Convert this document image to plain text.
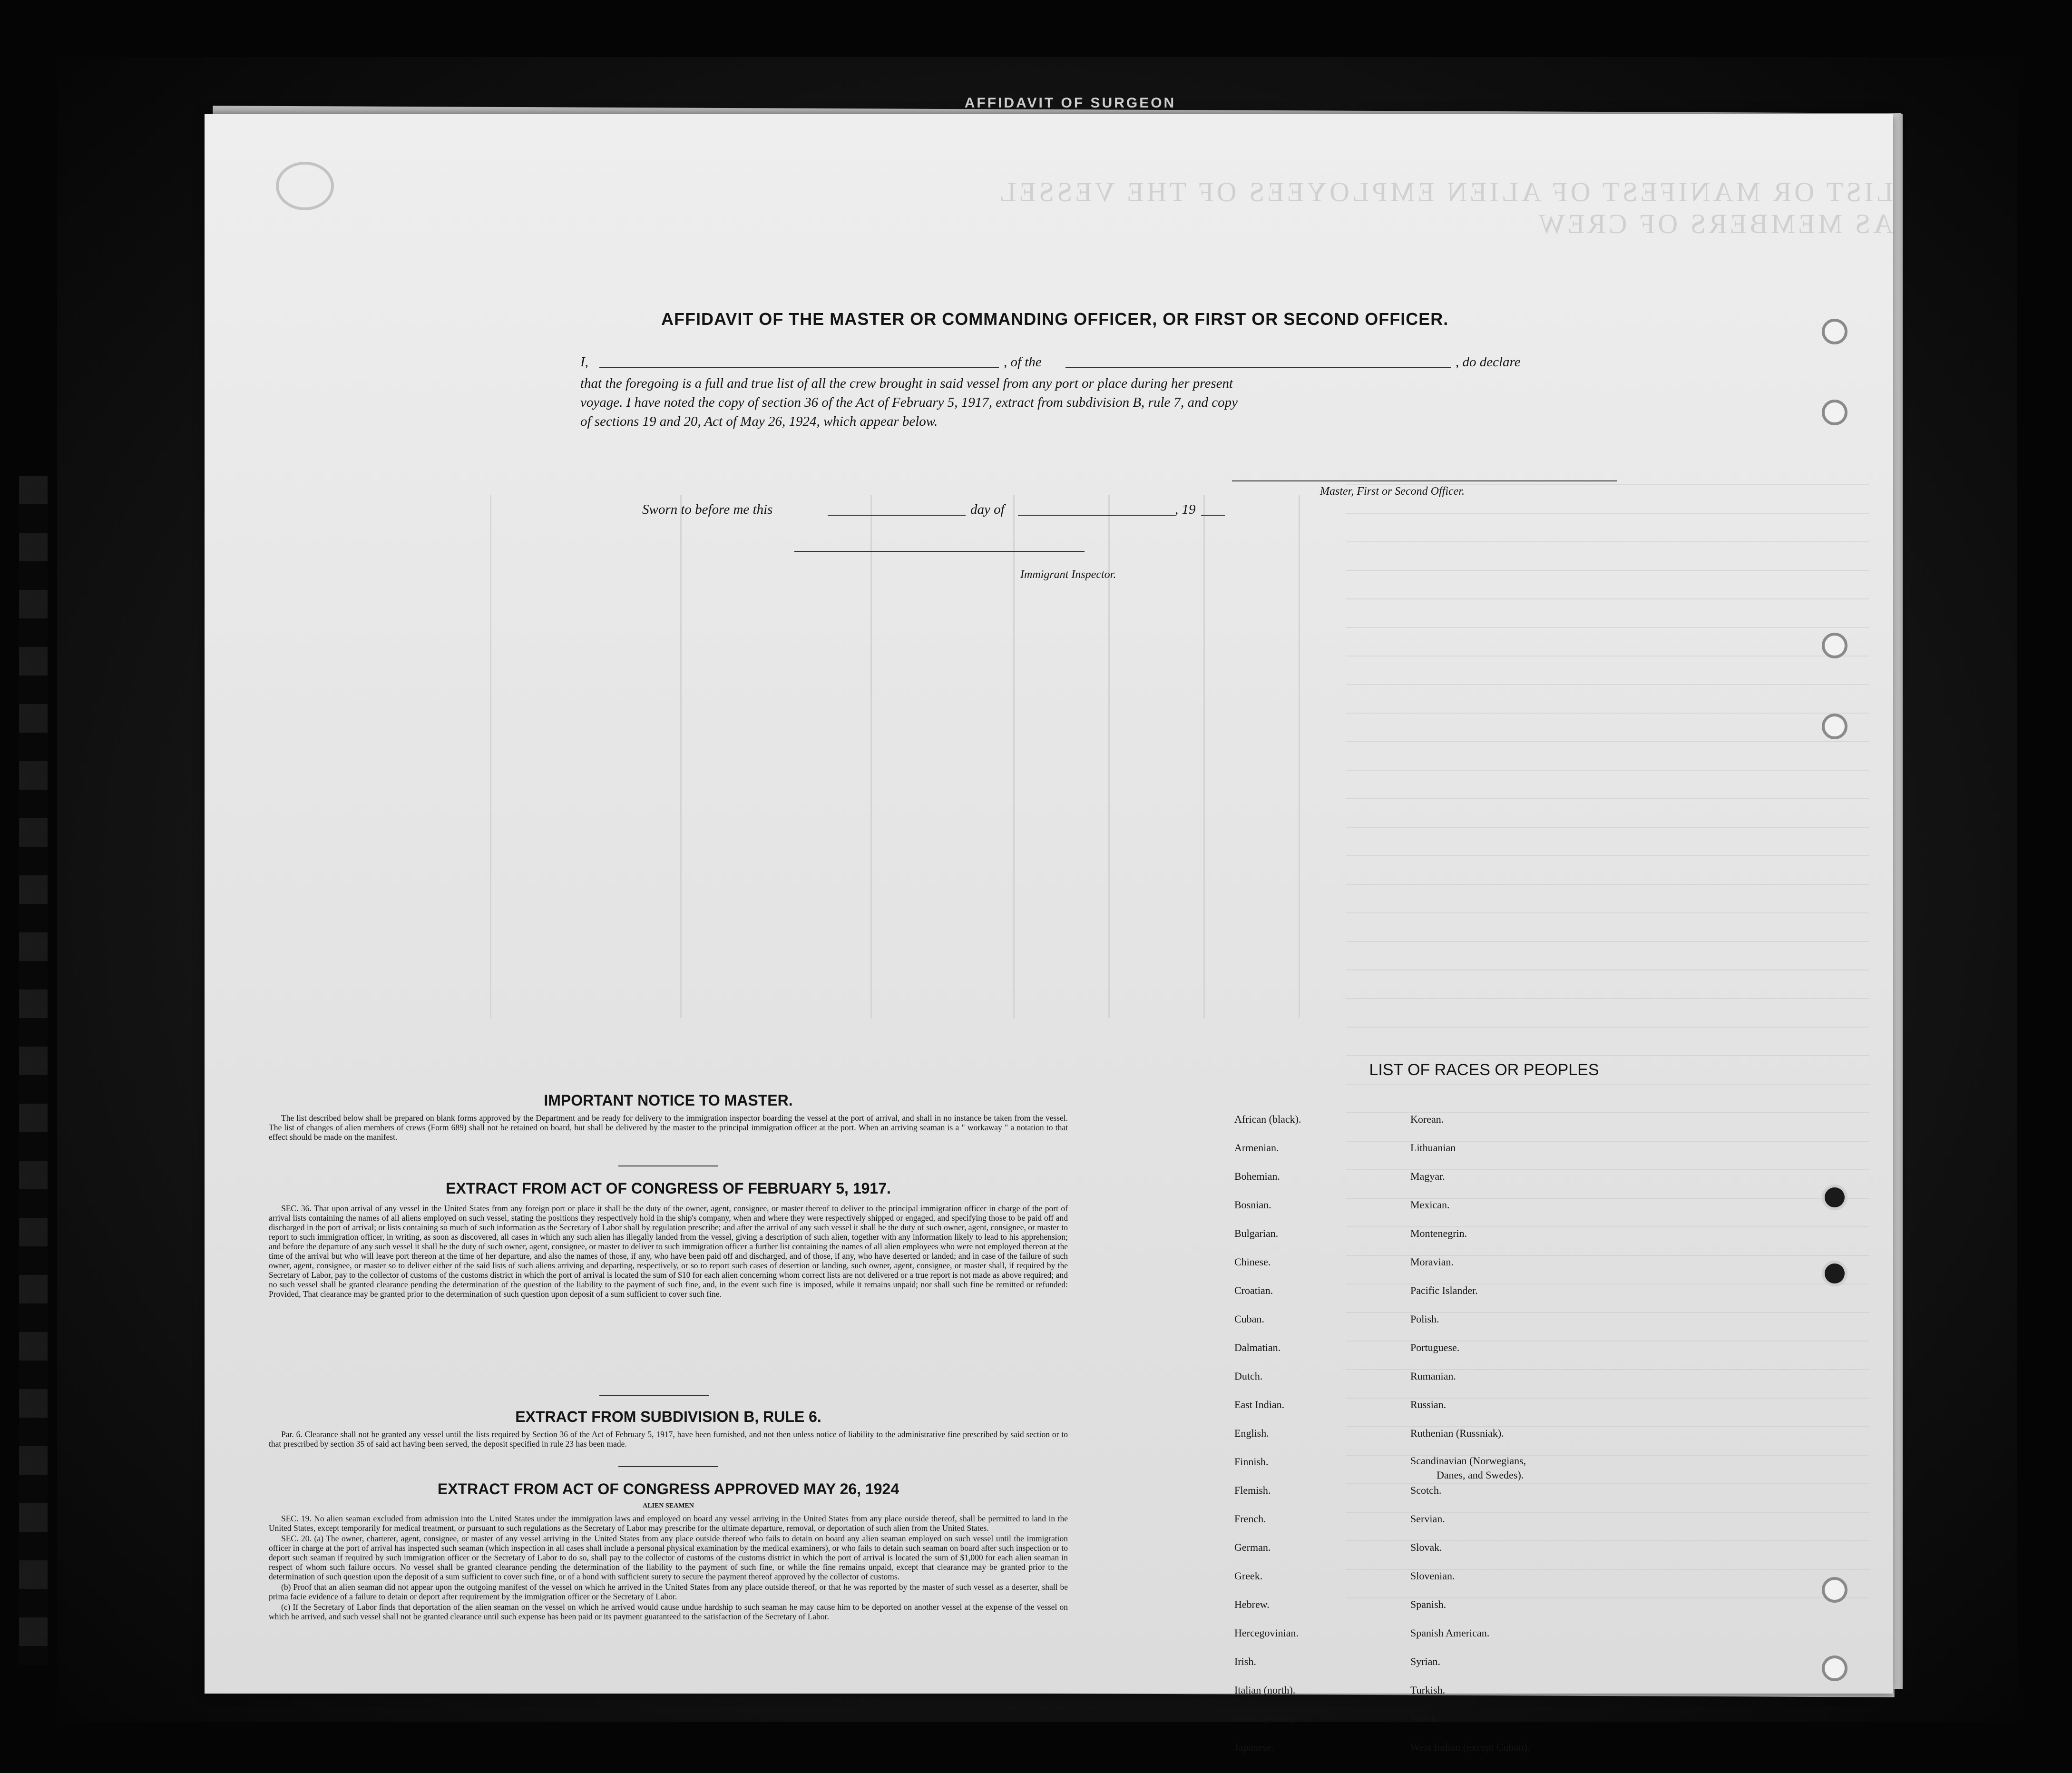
AFFIDAVIT OF SURGEON
LIST OR MANIFEST OF ALIEN EMPLOYEES OF THE VESSEL AS MEMBERS OF CREW
AFFIDAVIT OF THE MASTER OR COMMANDING OFFICER, OR FIRST OR SECOND OFFICER.
I,	, of the	, do declare
that the foregoing is a full and true list of all the crew brought in said vessel from any port or place during her present
voyage. I have noted the copy of section 36 of the Act of February 5, 1917, extract from subdivision B, rule 7, and copy
of sections 19 and 20, Act of May 26, 1924, which appear below.
Master, First or Second Officer.
Sworn to before me this	day of	, 19
Immigrant Inspector.
IMPORTANT NOTICE TO MASTER.

The list described below shall be prepared on blank forms approved by the Department and be ready for delivery to the immigration inspector boarding the vessel at the port of arrival, and shall in no instance be taken from the vessel. The list of changes of alien members of crews (Form 689) shall not be retained on board, but shall be delivered by the master to the principal immigration officer at the port. When an arriving seaman is a " workaway " a notation to that effect should be made on the manifest.

EXTRACT FROM ACT OF CONGRESS OF FEBRUARY 5, 1917.

SEC. 36. That upon arrival of any vessel in the United States from any foreign port or place it shall be the duty of the owner, agent, consignee, or master thereof to deliver to the principal immigration officer in charge of the port of arrival lists containing the names of all aliens employed on such vessel, stating the positions they respectively hold in the ship's company, when and where they were respectively shipped or engaged, and specifying those to be paid off and discharged in the port of arrival; or lists containing so much of such information as the Secretary of Labor shall by regulation prescribe; and after the arrival of any such vessel it shall be the duty of such owner, agent, consignee, or master to report to such immigration officer, in writing, as soon as discovered, all cases in which any such alien has illegally landed from the vessel, giving a description of such alien, together with any information likely to lead to his apprehension; and before the departure of any such vessel it shall be the duty of such owner, agent, consignee, or master to deliver to such immigration officer a further list containing the names of all alien employees who were not employed thereon at the time of the arrival but who will leave port thereon at the time of her departure, and also the names of those, if any, who have been paid off and discharged, and of those, if any, who have deserted or landed; and in case of the failure of such owner, agent, consignee, or master so to deliver either of the said lists of such aliens arriving and departing, respectively, or so to report such cases of desertion or landing, such owner, agent, consignee, or master shall, if required by the Secretary of Labor, pay to the collector of customs of the customs district in which the port of arrival is located the sum of $10 for each alien concerning whom correct lists are not delivered or a true report is not made as above required; and no such vessel shall be granted clearance pending the determination of the question of the liability to the payment of such fine, and, in the event such fine is imposed, while it remains unpaid; nor shall such fine be remitted or refunded: Provided, That clearance may be granted prior to the determination of such question upon deposit of a sum sufficient to cover such fine.

EXTRACT FROM SUBDIVISION B, RULE 6.

Par. 6. Clearance shall not be granted any vessel until the lists required by Section 36 of the Act of February 5, 1917, have been furnished, and not then unless notice of liability to the administrative fine prescribed by said section or to that prescribed by section 35 of said act having been served, the deposit specified in rule 23 has been made.

EXTRACT FROM ACT OF CONGRESS APPROVED MAY 26, 1924
ALIEN SEAMEN

SEC. 19. No alien seaman excluded from admission into the United States under the immigration laws and employed on board any vessel arriving in the United States from any place outside thereof, shall be permitted to land in the United States, except temporarily for medical treatment, or pursuant to such regulations as the Secretary of Labor may prescribe for the ultimate departure, removal, or deportation of such alien from the United States.

SEC. 20. (a) The owner, charterer, agent, consignee, or master of any vessel arriving in the United States from any place outside thereof who fails to detain on board any alien seaman employed on such vessel until the immigration officer in charge at the port of arrival has inspected such seaman (which inspection in all cases shall include a personal physical examination by the medical examiners), or who fails to detain such seaman on board after such inspection or to deport such seaman if required by such immigration officer or the Secretary of Labor to do so, shall pay to the collector of customs of the customs district in which the port of arrival is located the sum of $1,000 for each alien seaman in respect of whom such failure occurs. No vessel shall be granted clearance pending the determination of the liability to the payment of such fine, or while the fine remains unpaid, except that clearance may be granted prior to the determination of such question upon the deposit of a sum sufficient to cover such fine, or of a bond with sufficient surety to secure the payment thereof approved by the collector of customs.

(b) Proof that an alien seaman did not appear upon the outgoing manifest of the vessel on which he arrived in the United States from any place outside thereof, or that he was reported by the master of such vessel as a deserter, shall be prima facie evidence of a failure to detain or deport after requirement by the immigration officer or the Secretary of Labor.

(c) If the Secretary of Labor finds that deportation of the alien seaman on the vessel on which he arrived would cause undue hardship to such seaman he may cause him to be deported on another vessel at the expense of the vessel on which he arrived, and such vessel shall not be granted clearance until such expense has been paid or its payment guaranteed to the satisfaction of the Secretary of Labor.

LIST OF RACES OR PEOPLES
African (black).
Armenian.
Bohemian.
Bosnian.
Bulgarian.
Chinese.
Croatian.
Cuban.
Dalmatian.
Dutch.
East Indian.
English.
Finnish.
Flemish.
French.
German.
Greek.
Hebrew.
Hercegovinian.
Irish.
Italian (north).
Italian (south).
Japanese.
Korean.
Lithuanian
Magyar.
Mexican.
Montenegrin.
Moravian.
Pacific Islander.
Polish.
Portuguese.
Rumanian.
Russian.
Ruthenian (Russniak).
Scandinavian (Norwegians,
Danes, and Swedes).
Scotch.
Servian.
Slovak.
Slovenian.
Spanish.
Spanish American.
Syrian.
Turkish.
Welsh.
West Indian (except Cuban).
